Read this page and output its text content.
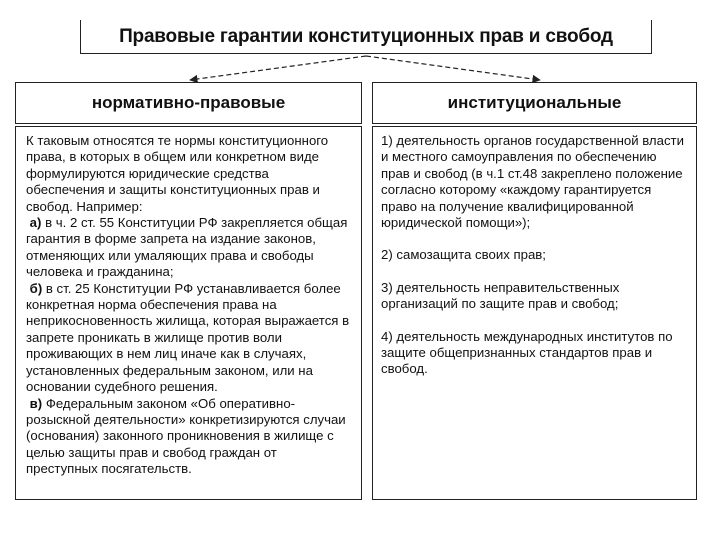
Правовые гарантии конституционных прав и свобод
нормативно-правовые	институциональные

К таковым относятся те нормы конституционного права, в которых в общем или конкретном виде формулируются юридические средства обеспечения и защиты конституционных прав и свобод. Например:

а) в ч. 2 ст. 55 Конституции РФ закрепляется общая гарантия в форме запрета на издание законов, отменяющих или умаляющих права и свободы человека и гражданина;

б) в ст. 25 Конституции РФ устанавливается более конкретная норма обеспечения права на неприкосновенность жилища, которая выражается в запрете проникать в жилище против воли проживающих в нем лиц иначе как в случаях, установленных федеральным законом, или на основании судебного решения.

в) Федеральным законом «Об оперативно-розыскной деятельности» конкретизируются случаи (основания) законного проникновения в жилище с целью защиты прав и свобод граждан от преступных посягательств.

1) деятельность органов государственной власти и местного самоуправления по обеспечению прав и свобод (в ч.1 ст.48 закреплено положение согласно которому «каждому гарантируется право на получение квалифицированной юридической помощи»);

2) самозащита своих прав;

3) деятельность неправительственных организаций по защите прав и свобод;

4) деятельность международных институтов по защите общепризнанных стандартов прав и свобод.
